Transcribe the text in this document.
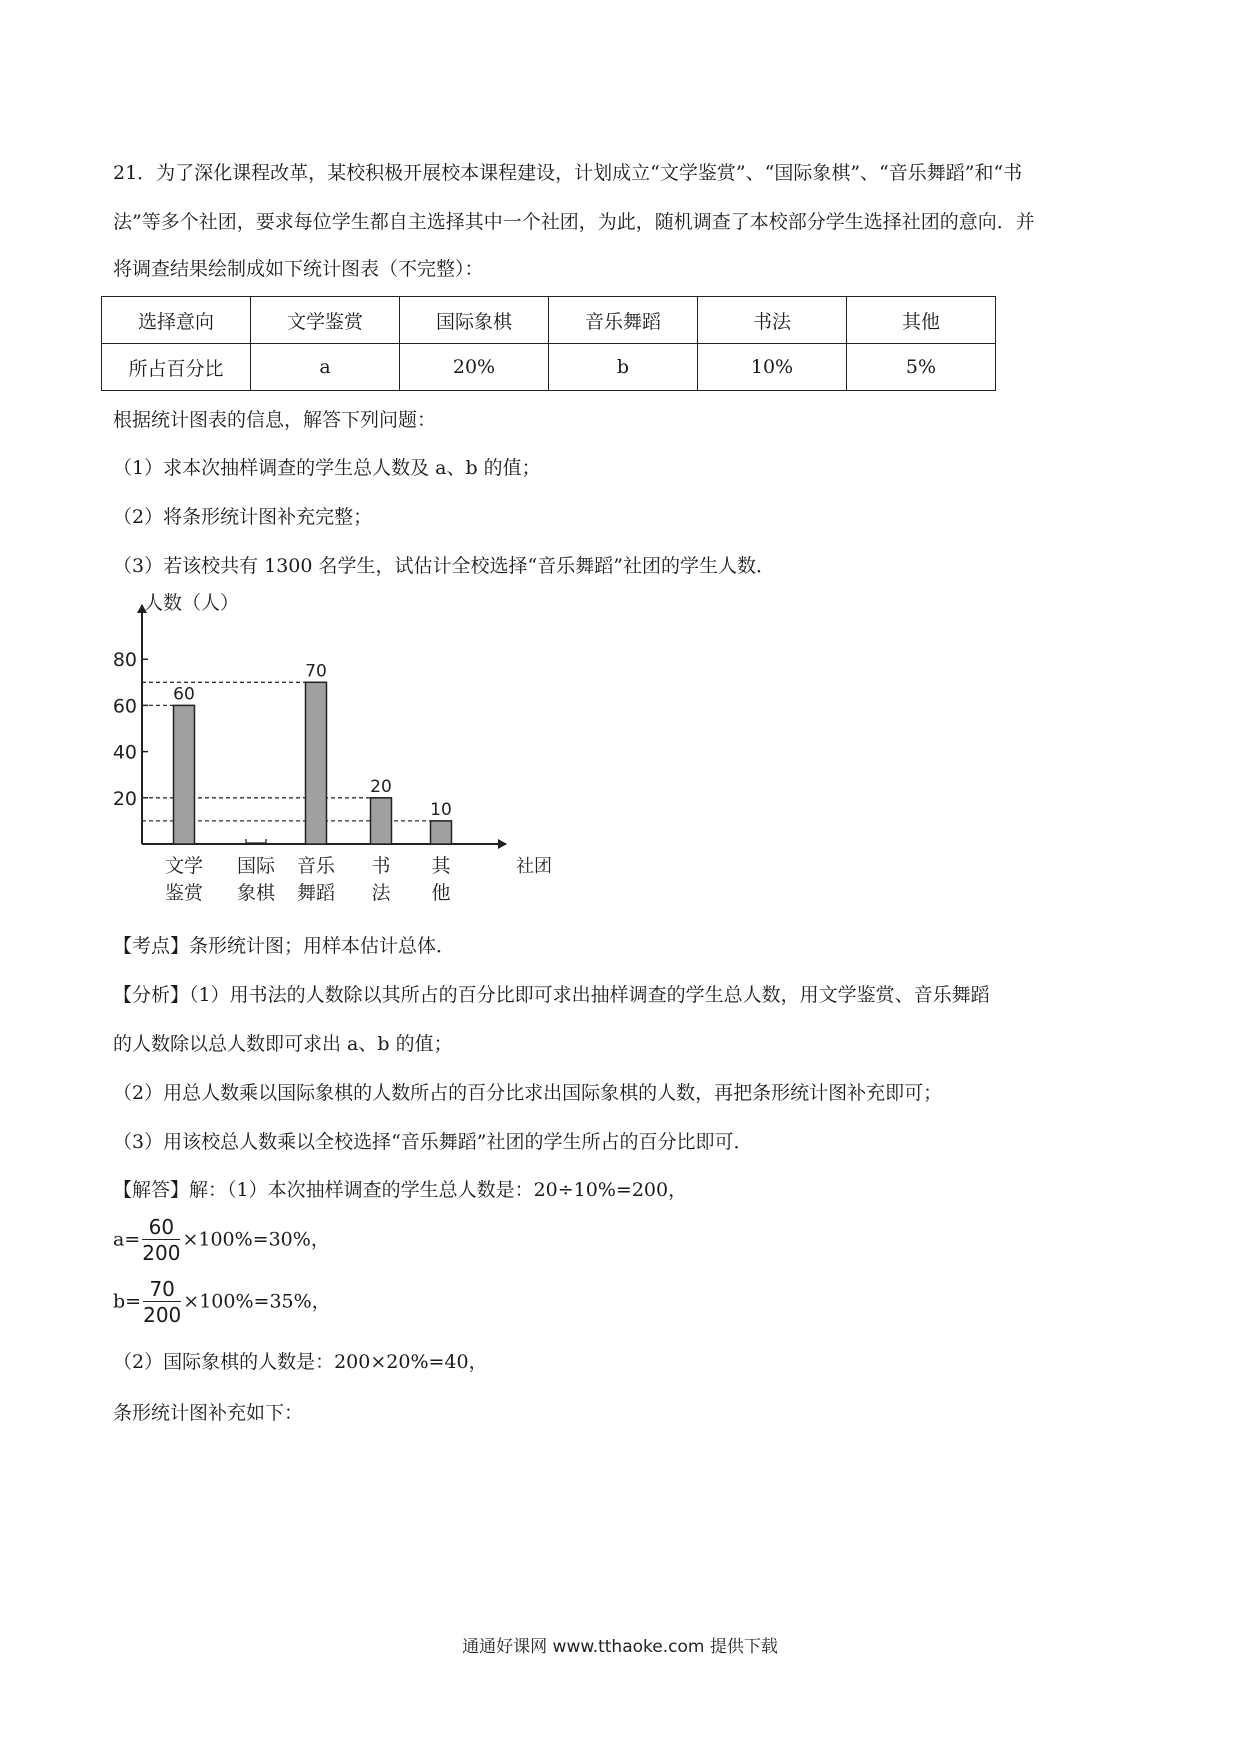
21．为了深化课程改革，某校积极开展校本课程建设，计划成立“文学鉴赏”、“国际象棋”、“音乐舞蹈”和“书
法”等多个社团，要求每位学生都自主选择其中一个社团，为此，随机调查了本校部分学生选择社团的意向．并
将调查结果绘制成如下统计图表（不完整）：
选择意向	文学鉴赏	国际象棋	音乐舞蹈	书法	其他
所占百分比	a	20%	b	10%	5%
根据统计图表的信息，解答下列问题：
（1）求本次抽样调查的学生总人数及 a、b 的值；
（2）将条形统计图补充完整；
（3）若该校共有 1300 名学生，试估计全校选择“音乐舞蹈”社团的学生人数．
人数（人）
社团
20
40
60
80
60
70
20
10
文学
鉴赏
国际
象棋
音乐
舞蹈
书
法
其
他
【考点】条形统计图；用样本估计总体．
【分析】（1）用书法的人数除以其所占的百分比即可求出抽样调查的学生总人数，用文学鉴赏、音乐舞蹈
的人数除以总人数即可求出 a、b 的值；
（2）用总人数乘以国际象棋的人数所占的百分比求出国际象棋的人数，再把条形统计图补充即可；
（3）用该校总人数乘以全校选择“音乐舞蹈”社团的学生所占的百分比即可．
【解答】解：（1）本次抽样调查的学生总人数是：20÷10%=200，
$a= \frac{60}{200} \times 100\%=30\%$，
$b= \frac{70}{200} \times 100\%=35\%$，
（2）国际象棋的人数是：200×20%=40，
条形统计图补充如下：
通通好课网 www.tthaoke.com 提供下载
